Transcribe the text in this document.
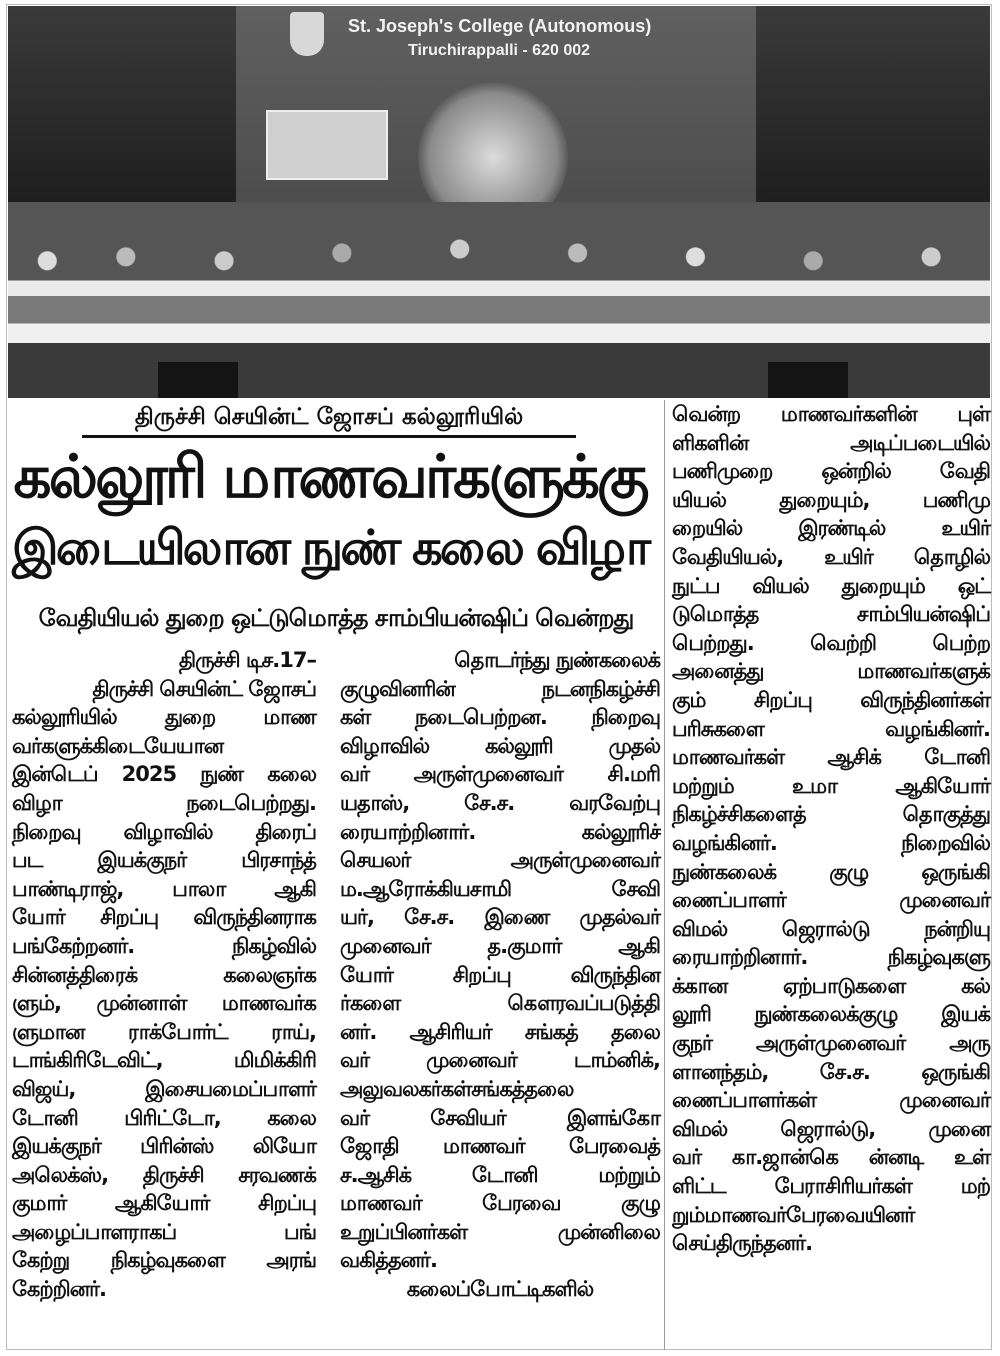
St. Joseph's College (Autonomous)
Tiruchirappalli - 620 002
திருச்சி செயின்ட் ஜோசப் கல்லூரியில்
கல்லூரி மாணவர்களுக்கு
இடையிலான நுண் கலை விழா
வேதியியல் துறை ஒட்டுமொத்த சாம்பியன்ஷிப் வென்றது

திருச்சி டிச.17–

திருச்சி செயின்ட் ஜோசப்

கல்லூரியில் துறை மாண

வர்களுக்கிடையேயான

இன்டெப் 2025 நுண் கலை

விழா நடைபெற்றது.

நிறைவு விழாவில் திரைப்

பட இயக்குநர் பிரசாந்த்

பாண்டிராஜ், பாலா ஆகி

யோர் சிறப்பு விருந்தினராக

பங்கேற்றனர். நிகழ்வில்

சின்னத்திரைக் கலைஞர்க

ளும், முன்னாள் மாணவர்க

ளுமான ராக்போர்ட் ராய்,

டாங்கிரிடேவிட், மிமிக்கிரி

விஜய், இசையமைப்பாளர்

டோனி பிரிட்டோ, கலை

இயக்குநர் பிரின்ஸ் லியோ

அலெக்ஸ், திருச்சி சரவணக்

குமார் ஆகியோர் சிறப்பு

அழைப்பாளராகப் பங்

கேற்று நிகழ்வுகளை அரங்

கேற்றினர்.

தொடர்ந்து நுண்கலைக்

குழுவினரின் நடனநிகழ்ச்சி

கள் நடைபெற்றன. நிறைவு

விழாவில் கல்லூரி முதல்

வர் அருள்முனைவர் சி.மரி

யதாஸ், சே.ச. வரவேற்பு

ரையாற்றினார். கல்லூரிச்

செயலர் அருள்முனைவர்

ம.ஆரோக்கியசாமி சேவி

யர், சே.ச. இணை முதல்வர்

முனைவர் த.குமார் ஆகி

யோர் சிறப்பு விருந்தின

ர்களை கௌரவப்படுத்தி

னர். ஆசிரியர் சங்கத் தலை

வர் முனைவர் டாம்னிக்,

அலுவலகர்கள்சங்கத்தலை

வர் சேவியர் இளங்கோ

ஜோதி மாணவர் பேரவைத்

ச.ஆசிக் டோனி மற்றும்

மாணவர் பேரவை குழு

உறுப்பினர்கள் முன்னிலை

வகித்தனர்.

கலைப்போட்டிகளில்

வென்ற மாணவர்களின் புள்

ளிகளின் அடிப்படையில்

பணிமுறை ஒன்றில் வேதி

யியல் துறையும், பணிமு

றையில் இரண்டில் உயிர்

வேதியியல், உயிர் தொழில்

நுட்ப வியல் துறையும் ஒட்

டுமொத்த சாம்பியன்ஷிப்

பெற்றது. வெற்றி பெற்ற

அனைத்து மாணவர்களுக்

கும் சிறப்பு விருந்தினர்கள்

பரிசுகளை வழங்கினர்.

மாணவர்கள் ஆசிக் டோனி

மற்றும் உமா ஆகியோர்

நிகழ்ச்சிகளைத் தொகுத்து

வழங்கினர். நிறைவில்

நுண்கலைக் குழு ஒருங்கி

ணைப்பாளர் முனைவர்

விமல் ஜெரால்டு நன்றியு

ரையாற்றினார். நிகழ்வுகளு

க்கான ஏற்பாடுகளை கல்

லூரி நுண்கலைக்குழு இயக்

குநர் அருள்முனைவர் அரு

ளானந்தம், சே.ச. ஒருங்கி

ணைப்பாளர்கள் முனைவர்

விமல் ஜெரால்டு, முனை

வர் கா.ஜான்கெ ன்னடி உள்

ளிட்ட பேராசிரியர்கள் மற்

றும்மாணவர்பேரவையினர்

செய்திருந்தனர்.
